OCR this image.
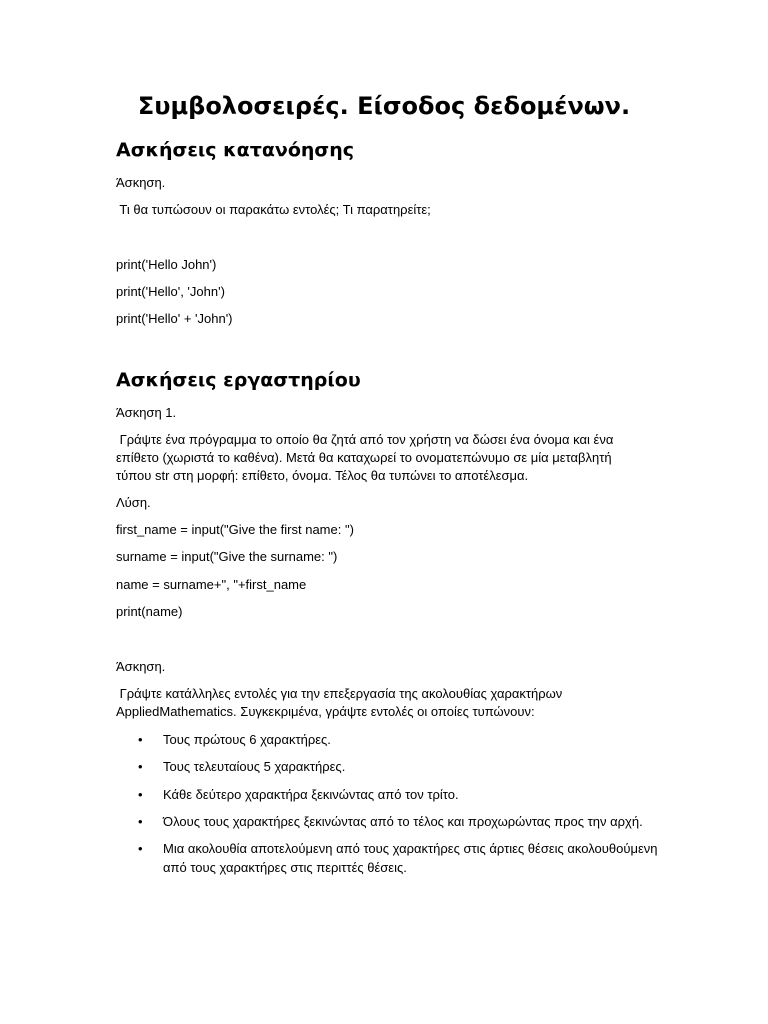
Συμβολοσειρές. Είσοδος δεδομένων.
Ασκήσεις κατανόησης

Άσκηση.

Τι θα τυπώσουν οι παρακάτω εντολές; Τι παρατηρείτε;

print('Hello John')

print('Hello', 'John')

print('Hello' + 'John')

Ασκήσεις εργαστηρίου

Άσκηση 1.

Γράψτε ένα πρόγραμμα το οποίο θα ζητά από τον χρήστη να δώσει ένα όνομα και ένα

επίθετο (χωριστά το καθένα). Μετά θα καταχωρεί το ονοματεπώνυμο σε μία μεταβλητή

τύπου str στη μορφή: επίθετο, όνομα. Τέλος θα τυπώνει το αποτέλεσμα.

Λύση.

first_name = input("Give the first name: ")

surname = input("Give the surname: ")

name = surname+", "+first_name

print(name)

Άσκηση.

Γράψτε κατάλληλες εντολές για την επεξεργασία της ακολουθίας χαρακτήρων

AppliedMathematics. Συγκεκριμένα, γράψτε εντολές οι οποίες τυπώνουν:

•	Τους πρώτους 6 χαρακτήρες.
•	Τους τελευταίους 5 χαρακτήρες.
•	Κάθε δεύτερο χαρακτήρα ξεκινώντας από τον τρίτο.
•	Όλους τους χαρακτήρες ξεκινώντας από το τέλος και προχωρώντας προς την αρχή.
•	Μια ακολουθία αποτελούμενη από τους χαρακτήρες στις άρτιες θέσεις ακολουθούμενη από τους χαρακτήρες στις περιττές θέσεις.
